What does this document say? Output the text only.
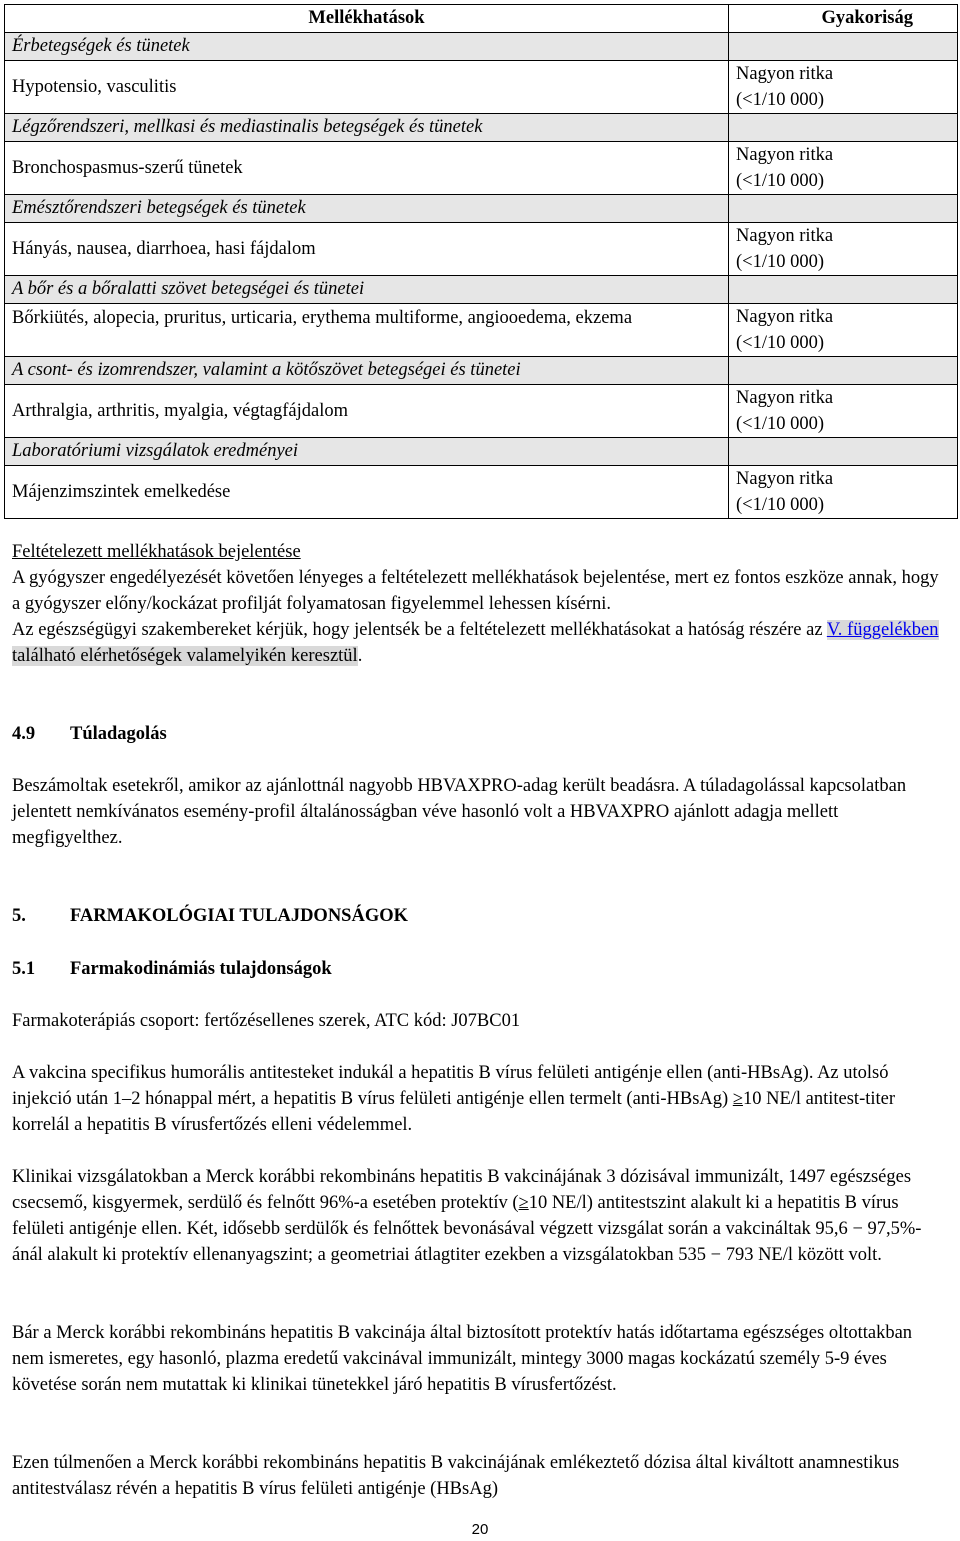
Mellékhatások	Gyakoriság
Érbetegségek és tünetek	

Hypotensio, vasculitis	Nagyon ritka
(<1/10 000)

Légzőrendszeri, mellkasi és mediastinalis betegségek és tünetek	

Bronchospasmus-szerű tünetek	Nagyon ritka
(<1/10 000)

Emésztőrendszeri betegségek és tünetek	

Hányás, nausea, diarrhoea, hasi fájdalom	Nagyon ritka
(<1/10 000)

A bőr és a bőralatti szövet betegségei és tünetei	

Bőrkiütés, alopecia, pruritus, urticaria, erythema multiforme, angiooedema, ekzema	Nagyon ritka
(<1/10 000)

A csont- és izomrendszer, valamint a kötőszövet betegségei és tünetei	

Arthralgia, arthritis, myalgia, végtagfájdalom	Nagyon ritka
(<1/10 000)

Laboratóriumi vizsgálatok eredményei	

Májenzimszintek emelkedése	Nagyon ritka
(<1/10 000)
Feltételezett mellékhatások bejelentése
A gyógyszer engedélyezését követően lényeges a feltételezett mellékhatások bejelentése, mert ez fontos eszköze annak, hogy a gyógyszer előny/kockázat profilját folyamatosan figyelemmel lehessen kísérni.
Az egészségügyi szakembereket kérjük, hogy jelentsék be a feltételezett mellékhatásokat a hatóság részére az V. függelékben található elérhetőségek valamelyikén keresztül.
4.9 Túladagolás
Beszámoltak esetekről, amikor az ajánlottnál nagyobb HBVAXPRO-adag került beadásra. A túladagolással kapcsolatban jelentett nemkívánatos esemény-profil általánosságban véve hasonló volt a HBVAXPRO ajánlott adagja mellett megfigyelthez.
5. FARMAKOLÓGIAI TULAJDONSÁGOK
5.1 Farmakodinámiás tulajdonságok
Farmakoterápiás csoport: fertőzésellenes szerek, ATC kód: J07BC01
A vakcina specifikus humorális antitesteket indukál a hepatitis B vírus felületi antigénje ellen (anti-HBsAg). Az utolsó injekció után 1–2 hónappal mért, a hepatitis B vírus felületi antigénje ellen termelt (anti-HBsAg) ≥10 NE/l antitest-titer korrelál a hepatitis B vírusfertőzés elleni védelemmel.
Klinikai vizsgálatokban a Merck korábbi rekombináns hepatitis B vakcinájának 3 dózisával immunizált, 1497 egészséges csecsemő, kisgyermek, serdülő és felnőtt 96%-a esetében protektív (≥10 NE/l) antitestszint alakult ki a hepatitis B vírus felületi antigénje ellen. Két, idősebb serdülők és felnőttek bevonásával végzett vizsgálat során a vakcináltak 95,6 − 97,5%-ánál alakult ki protektív ellenanyagszint; a geometriai átlagtiter ezekben a vizsgálatokban 535 − 793 NE/l között volt.
Bár a Merck korábbi rekombináns hepatitis B vakcinája által biztosított protektív hatás időtartama egészséges oltottakban nem ismeretes, egy hasonló, plazma eredetű vakcinával immunizált, mintegy 3000 magas kockázatú személy 5-9 éves követése során nem mutattak ki klinikai tünetekkel járó hepatitis B vírusfertőzést.
Ezen túlmenően a Merck korábbi rekombináns hepatitis B vakcinájának emlékeztető dózisa által kiváltott anamnestikus antitestválasz révén a hepatitis B vírus felületi antigénje (HBsAg)
20
